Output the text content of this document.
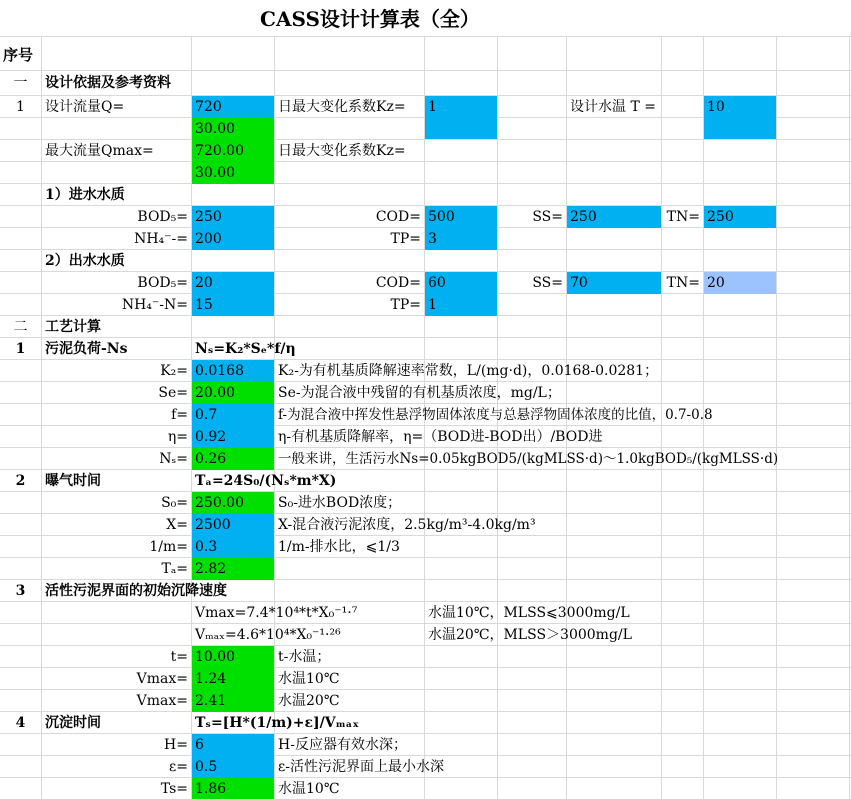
CASS设计计算表（全）
序号
一	设计依据及参考资料
1	设计流量Q=	720	日最大变化系数Kz=	1	设计水温 T =	10
30.00
最大流量Qmax=	720.00	日最大变化系数Kz=
30.00
1）进水水质
BOD₅= 250	COD= 500	SS= 250	TN= 250
NH₄⁻-= 200	TP= 3
2）出水水质
BOD₅= 20	COD= 60	SS= 70	TN= 20
NH₄⁻-N= 15	TP= 1
二	工艺计算
1	污泥负荷-Ns	Nₛ=K₂*Sₑ*f/η
K₂= 0.0168	K₂-为有机基质降解速率常数，L/(mg·d)，0.0168-0.0281；
Se= 20.00	Se-为混合液中残留的有机基质浓度，mg/L；
f= 0.7	f-为混合液中挥发性悬浮物固体浓度与总悬浮物固体浓度的比值，0.7-0.8
η= 0.92	η-有机基质降解率，η=（BOD进-BOD出）/BOD进
Nₛ= 0.26	一般来讲，生活污水Ns=0.05kgBOD5/(kgMLSS·d)～1.0kgBOD₅/(kgMLSS·d)
2	曝气时间	Tₐ=24S₀/(Nₛ*m*X)
S₀= 250.00	S₀-进水BOD浓度；
X= 2500	X-混合液污泥浓度，2.5kg/m³-4.0kg/m³
1/m= 0.3	1/m-排水比，⩽1/3
Tₐ= 2.82
3	活性污泥界面的初始沉降速度
Vmax=7.4*10⁴*t*X₀⁻¹·⁷	水温10℃，MLSS⩽3000mg/L
Vₘₐₓ=4.6*10⁴*X₀⁻¹·²⁶	水温20℃，MLSS＞3000mg/L
t= 10.00	t-水温；
Vmax= 1.24	水温10℃
Vmax= 2.41	水温20℃
4	沉淀时间	Tₛ=[H*(1/m)+ε]/Vₘₐₓ
H= 6	H-反应器有效水深；
ε= 0.5	ε-活性污泥界面上最小水深
Ts= 1.86	水温10℃
